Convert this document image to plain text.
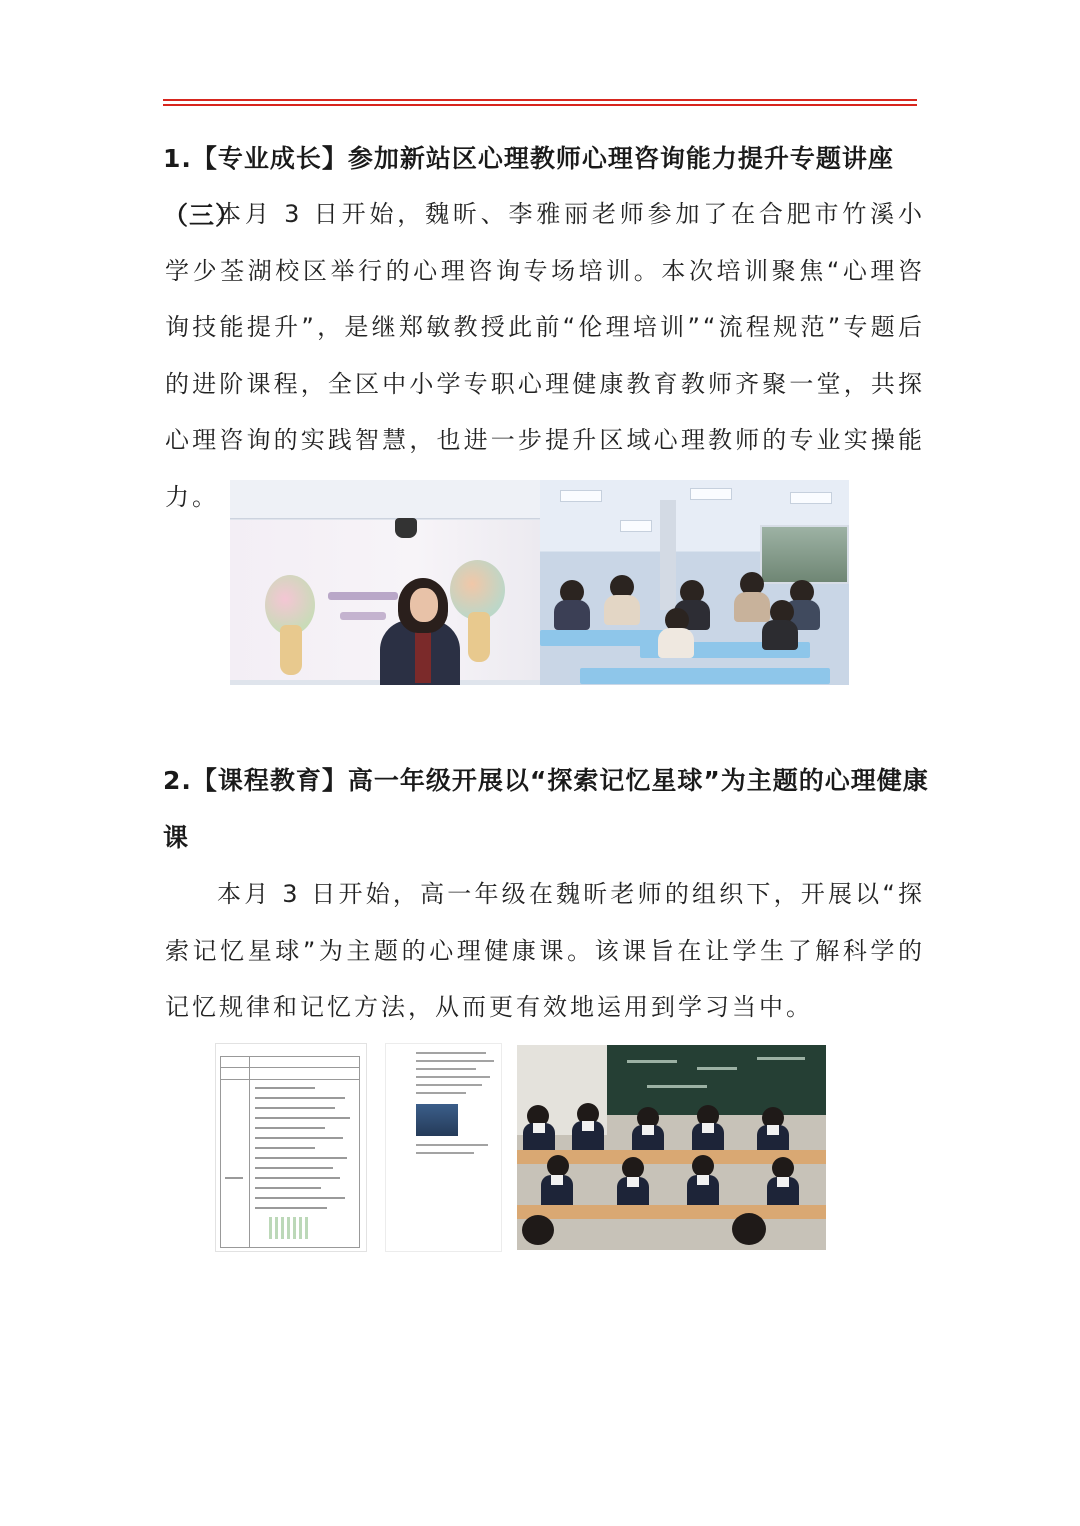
1.【专业成长】参加新站区心理教师心理咨询能力提升专题讲座（三）

本月 3 日开始，魏昕、李雅丽老师参加了在合肥市竹溪小学少荃湖校区举行的心理咨询专场培训。本次培训聚焦“心理咨询技能提升”，是继郑敏教授此前“伦理培训”“流程规范”专题后的进阶课程，全区中小学专职心理健康教育教师齐聚一堂，共探心理咨询的实践智慧，也进一步提升区域心理教师的专业实操能力。

2.【课程教育】高一年级开展以“探索记忆星球”为主题的心理健康课

本月 3 日开始，高一年级在魏昕老师的组织下，开展以“探索记忆星球”为主题的心理健康课。该课旨在让学生了解科学的记忆规律和记忆方法，从而更有效地运用到学习当中。
